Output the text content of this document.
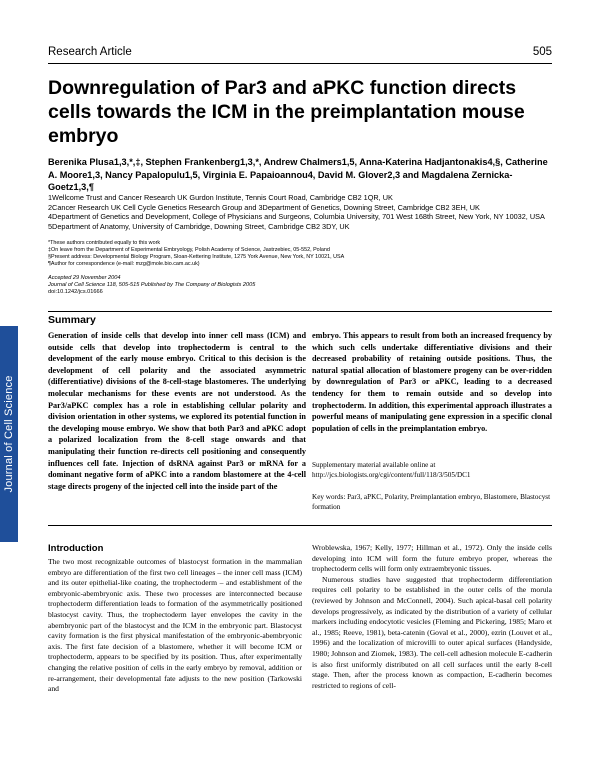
Research Article	505
Journal of Cell Science
Downregulation of Par3 and aPKC function directs cells towards the ICM in the preimplantation mouse embryo
Berenika Plusa1,3,*,‡, Stephen Frankenberg1,3,*, Andrew Chalmers1,5, Anna-Katerina Hadjantonakis4,§, Catherine A. Moore1,3, Nancy Papalopulu1,5, Virginia E. Papaioannou4, David M. Glover2,3 and Magdalena Zernicka-Goetz1,3,¶
1Wellcome Trust and Cancer Research UK Gurdon Institute, Tennis Court Road, Cambridge CB2 1QR, UK
2Cancer Research UK Cell Cycle Genetics Research Group and 3Department of Genetics, Downing Street, Cambridge CB2 3EH, UK
4Department of Genetics and Development, College of Physicians and Surgeons, Columbia University, 701 West 168th Street, New York, NY 10032, USA
5Department of Anatomy, University of Cambridge, Downing Street, Cambridge CB2 3DY, UK
*These authors contributed equally to this work
‡On leave from the Department of Experimental Embryology, Polish Academy of Science, Jastrzebiec, 05-552, Poland
§Present address: Developmental Biology Program, Sloan-Kettering Institute, 1275 York Avenue, New York, NY 10021, USA
¶Author for correspondence (e-mail: mzg@mole.bio.cam.ac.uk)
Accepted 29 November 2004
Journal of Cell Science 118, 505-515 Published by The Company of Biologists 2005
doi:10.1242/jcs.01666
Summary

Generation of inside cells that develop into inner cell mass (ICM) and outside cells that develop into trophectoderm is central to the development of the early mouse embryo. Critical to this decision is the development of cell polarity and the associated asymmetric (differentiative) divisions of the 8-cell-stage blastomeres. The underlying molecular mechanisms for these events are not understood. As the Par3/aPKC complex has a role in establishing cellular polarity and division orientation in other systems, we explored its potential function in the developing mouse embryo. We show that both Par3 and aPKC adopt a polarized localization from the 8-cell stage onwards and that manipulating their function re-directs cell positioning and consequently influences cell fate. Injection of dsRNA against Par3 or mRNA for a dominant negative form of aPKC into a random blastomere at the 4-cell stage directs progeny of the injected cell into the inside part of the

embryo. This appears to result from both an increased frequency by which such cells undertake differentiative divisions and their decreased probability of retaining outside positions. Thus, the natural spatial allocation of blastomere progeny can be over-ridden by downregulation of Par3 or aPKC, leading to a decreased tendency for them to remain outside and so develop into trophectoderm. In addition, this experimental approach illustrates a powerful means of manipulating gene expression in a specific clonal population of cells in the preimplantation embryo.

Supplementary material available online at http://jcs.biologists.org/cgi/content/full/118/3/505/DC1
Key words: Par3, aPKC, Polarity, Preimplantation embryo, Blastomere, Blastocyst formation
Introduction

The two most recognizable outcomes of blastocyst formation in the mammalian embryo are differentiation of the first two cell lineages – the inner cell mass (ICM) and its outer epithelial-like coating, the trophectoderm – and establishment of the embryonic-abembryonic axis. These two processes are interconnected because trophectoderm differentiation leads to formation of the asymmetrically positioned blastocyst cavity. Thus, the trophectoderm layer envelopes the cavity in the abembryonic part of the blastocyst and the ICM in the embryonic part. Blastocyst cavity formation is the first physical manifestation of the embryonic-abembryonic axis. The first fate decision of a blastomere, whether it will become ICM or trophectoderm, appears to be specified by its position. Thus, after experimentally changing the relative position of cells in the early embryo by removal, addition or re-arrangement, their developmental fate adjusts to the new position (Tarkowski and

Wroblewska, 1967; Kelly, 1977; Hillman et al., 1972). Only the inside cells developing into ICM will form the future embryo proper, whereas the trophectoderm cells will form only extraembryonic tissues.

Numerous studies have suggested that trophectoderm differentiation requires cell polarity to be established in the outer cells of the morula (reviewed by Johnson and McConnell, 2004). Such apical-basal cell polarity develops progressively, as indicated by the distribution of a variety of cellular markers including endocytotic vesicles (Fleming and Pickering, 1985; Maro et al., 1985; Reeve, 1981), beta-catenin (Goval et al., 2000), ezrin (Louvet et al., 1996) and the localization of microvilli to outer apical surfaces (Handyside, 1980; Johnson and Ziomek, 1983). The cell-cell adhesion molecule E-cadherin is also first uniformly distributed on all cell surfaces until the early 8-cell stage. Then, after the process known as compaction, E-cadherin becomes restricted to regions of cell-
